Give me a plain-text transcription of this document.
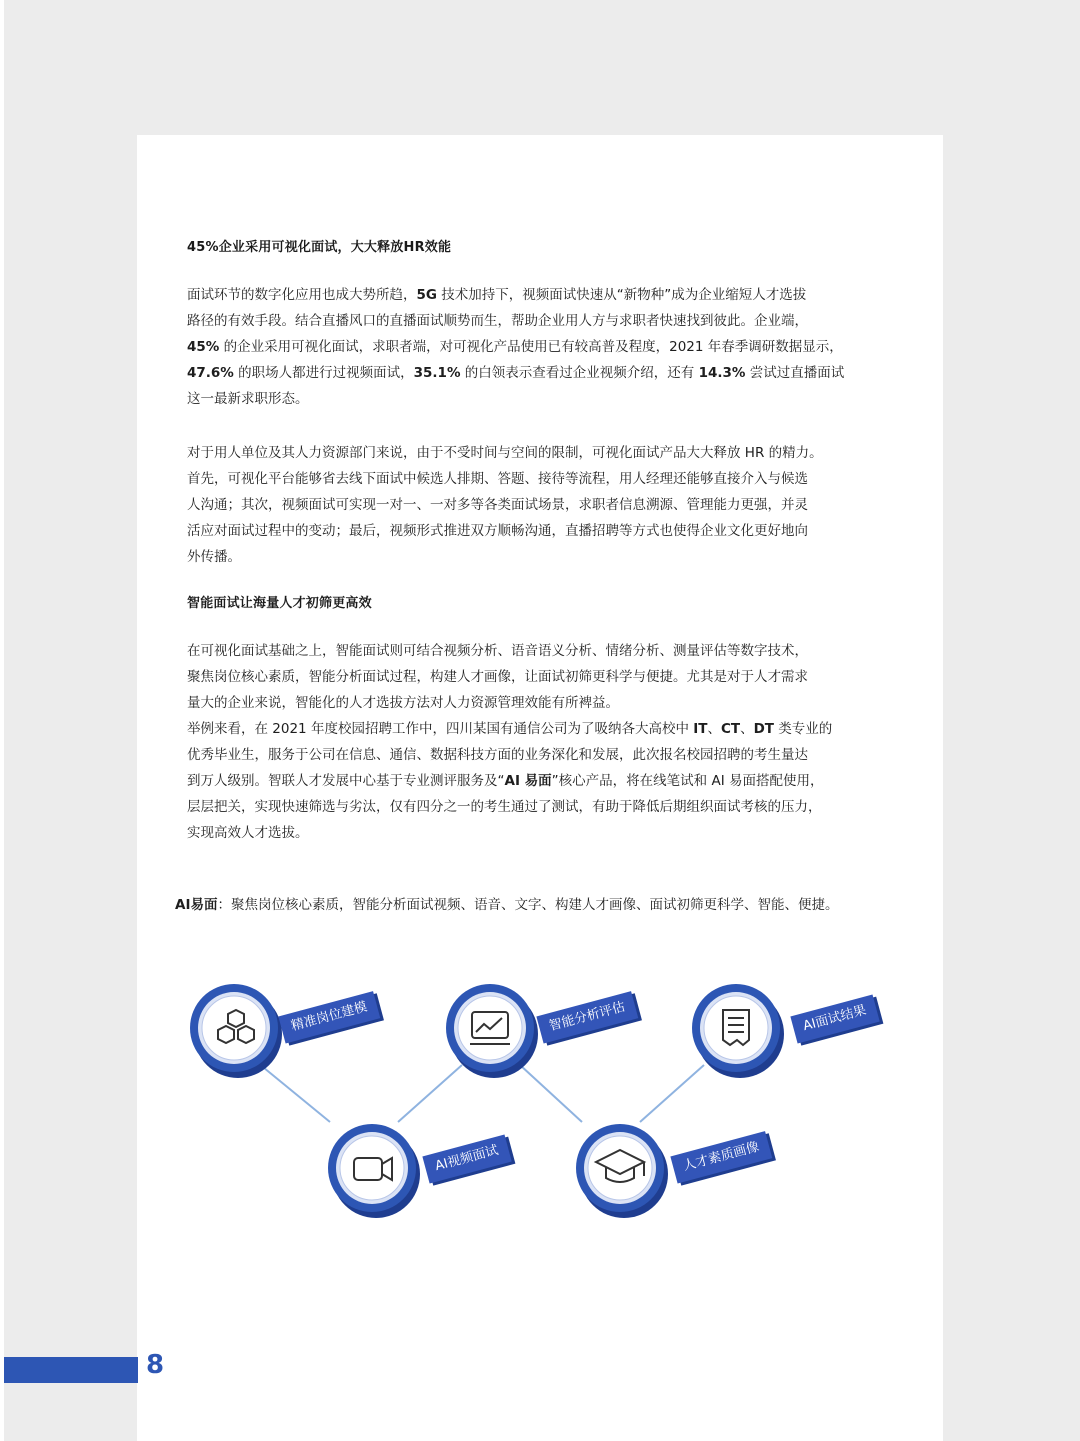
45%企业采用可视化面试，大大释放HR效能
面试环节的数字化应用也成大势所趋，5G 技术加持下，视频面试快速从“新物种”成为企业缩短人才选拔
路径的有效手段。结合直播风口的直播面试顺势而生，帮助企业用人方与求职者快速找到彼此。企业端，
45% 的企业采用可视化面试，求职者端，对可视化产品使用已有较高普及程度，2021 年春季调研数据显示，
47.6% 的职场人都进行过视频面试，35.1% 的白领表示查看过企业视频介绍，还有 14.3% 尝试过直播面试
这一最新求职形态。
对于用人单位及其人力资源部门来说，由于不受时间与空间的限制，可视化面试产品大大释放 HR 的精力。
首先，可视化平台能够省去线下面试中候选人排期、答题、接待等流程，用人经理还能够直接介入与候选
人沟通；其次，视频面试可实现一对一、一对多等各类面试场景，求职者信息溯源、管理能力更强，并灵
活应对面试过程中的变动；最后，视频形式推进双方顺畅沟通，直播招聘等方式也使得企业文化更好地向
外传播。
智能面试让海量人才初筛更高效
在可视化面试基础之上，智能面试则可结合视频分析、语音语义分析、情绪分析、测量评估等数字技术，
聚焦岗位核心素质，智能分析面试过程，构建人才画像，让面试初筛更科学与便捷。尤其是对于人才需求
量大的企业来说，智能化的人才选拔方法对人力资源管理效能有所裨益。
举例来看，在 2021 年度校园招聘工作中，四川某国有通信公司为了吸纳各大高校中 IT、CT、DT 类专业的
优秀毕业生，服务于公司在信息、通信、数据科技方面的业务深化和发展，此次报名校园招聘的考生量达
到万人级别。智联人才发展中心基于专业测评服务及“AI 易面”核心产品，将在线笔试和 AI 易面搭配使用，
层层把关，实现快速筛选与劣汰，仅有四分之一的考生通过了测试，有助于降低后期组织面试考核的压力，
实现高效人才选拔。
AI易面：聚焦岗位核心素质，智能分析面试视频、语音、文字、构建人才画像、面试初筛更科学、智能、便捷。
精准岗位建模	智能分析评估	AI面试结果
AI视频面试	人才素质画像
8
